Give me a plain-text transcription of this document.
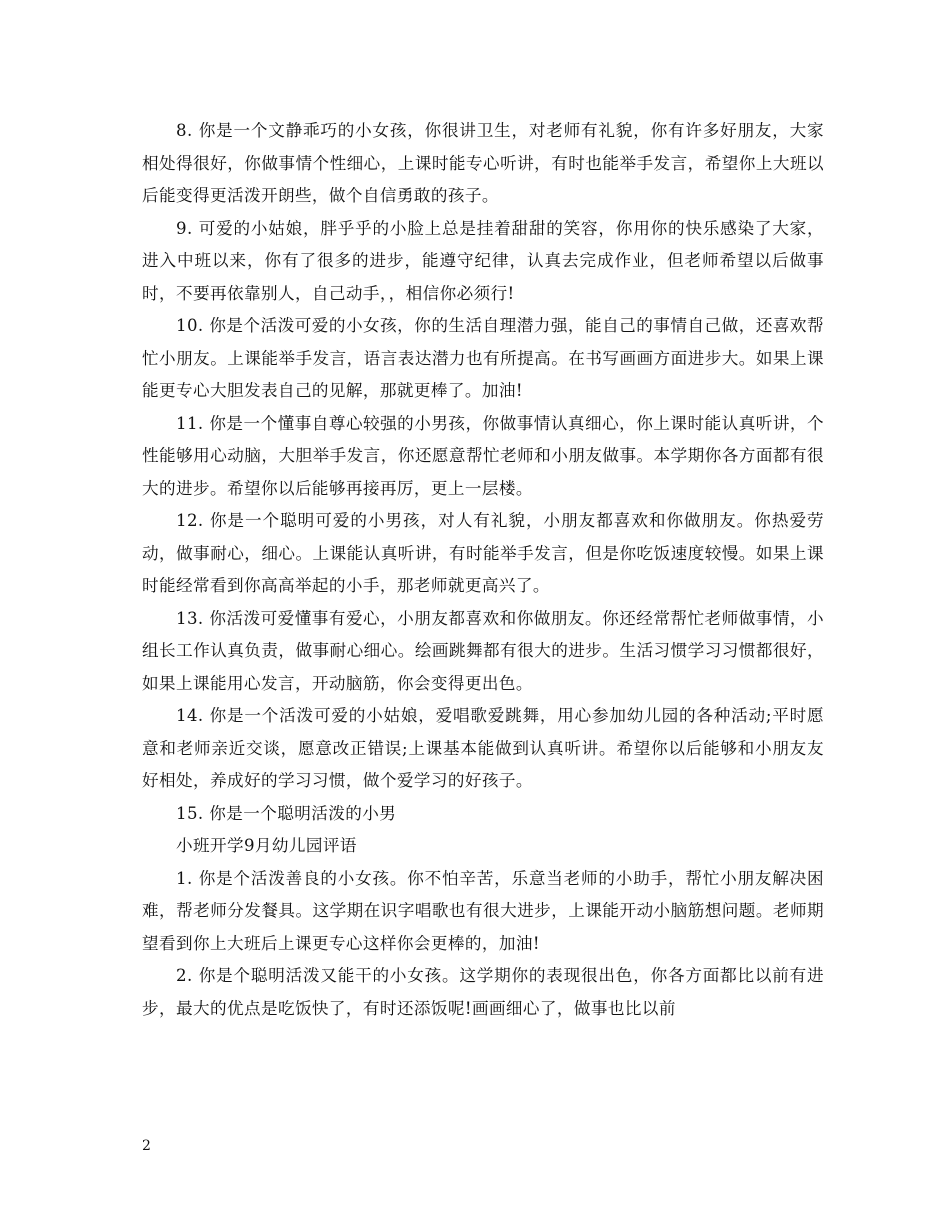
8. 你是一个文静乖巧的小女孩，你很讲卫生，对老师有礼貌，你有许多好朋友，大家相处得很好，你做事情个性细心，上课时能专心听讲，有时也能举手发言，希望你上大班以后能变得更活泼开朗些，做个自信勇敢的孩子。

9. 可爱的小姑娘，胖乎乎的小脸上总是挂着甜甜的笑容，你用你的快乐感染了大家，进入中班以来，你有了很多的进步，能遵守纪律，认真去完成作业，但老师希望以后做事时，不要再依靠别人，自己动手，，相信你必须行!

10. 你是个活泼可爱的小女孩，你的生活自理潜力强，能自己的事情自己做，还喜欢帮忙小朋友。上课能举手发言，语言表达潜力也有所提高。在书写画画方面进步大。如果上课能更专心大胆发表自己的见解，那就更棒了。加油!

11. 你是一个懂事自尊心较强的小男孩，你做事情认真细心，你上课时能认真听讲，个性能够用心动脑，大胆举手发言，你还愿意帮忙老师和小朋友做事。本学期你各方面都有很大的进步。希望你以后能够再接再厉，更上一层楼。

12. 你是一个聪明可爱的小男孩，对人有礼貌，小朋友都喜欢和你做朋友。你热爱劳动，做事耐心，细心。上课能认真听讲，有时能举手发言，但是你吃饭速度较慢。如果上课时能经常看到你高高举起的小手，那老师就更高兴了。

13. 你活泼可爱懂事有爱心，小朋友都喜欢和你做朋友。你还经常帮忙老师做事情，小组长工作认真负责，做事耐心细心。绘画跳舞都有很大的进步。生活习惯学习习惯都很好，如果上课能用心发言，开动脑筋，你会变得更出色。

14. 你是一个活泼可爱的小姑娘，爱唱歌爱跳舞，用心参加幼儿园的各种活动;平时愿意和老师亲近交谈，愿意改正错误;上课基本能做到认真听讲。希望你以后能够和小朋友友好相处，养成好的学习习惯，做个爱学习的好孩子。

15. 你是一个聪明活泼的小男

小班开学9月幼儿园评语

1. 你是个活泼善良的小女孩。你不怕辛苦，乐意当老师的小助手，帮忙小朋友解决困难，帮老师分发餐具。这学期在识字唱歌也有很大进步，上课能开动小脑筋想问题。老师期望看到你上大班后上课更专心这样你会更棒的，加油!

2. 你是个聪明活泼又能干的小女孩。这学期你的表现很出色，你各方面都比以前有进步，最大的优点是吃饭快了，有时还添饭呢!画画细心了，做事也比以前

2
